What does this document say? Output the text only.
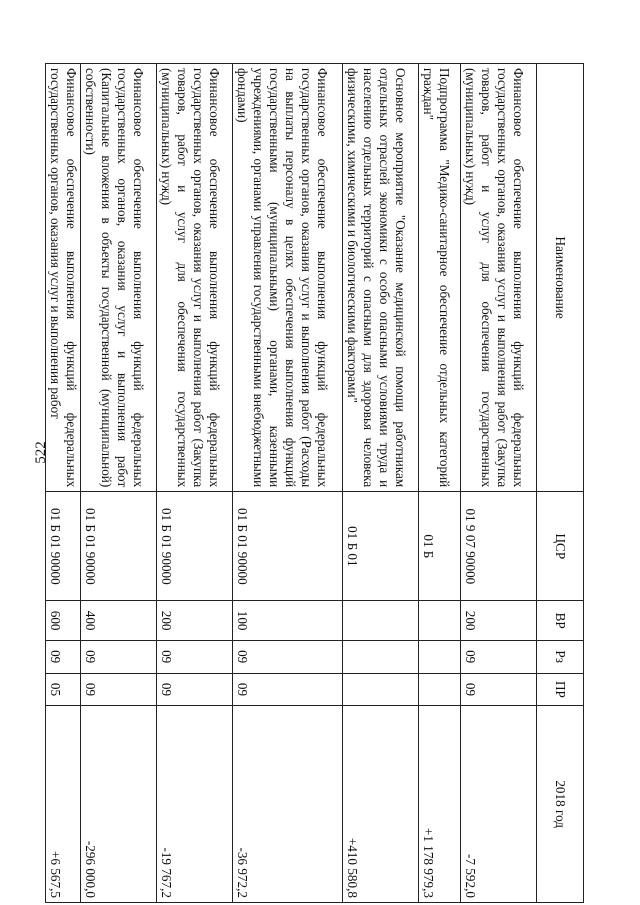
522
Наименование	ЦСР	ВР	Рз	ПР	2018 год
Финансовое обеспечение выполнения функций федеральных государственных органов, оказания услуг и выполнения работ (Закупка товаров, работ и услуг для обеспечения государственных (муниципальных) нужд)	01 9 07 90000	200	09	09	-7 592,0
Подпрограмма "Медико-санитарное обеспечение отдельных категорий граждан"	01 Б				+1 178 979,3
Основное мероприятие "Оказание медицинской помощи работникам отдельных отраслей экономики с особо опасными условиями труда и населению отдельных территорий с опасными для здоровья человека физическими, химическими и биологическими факторами"	01 Б 01				+410 580,8
Финансовое обеспечение выполнения функций федеральных государственных органов, оказания услуг и выполнения работ (Расходы на выплаты персоналу в целях обеспечения выполнения функций государственными (муниципальными) органами, казенными учреждениями, органами управления государственными внебюджетными фондами)	01 Б 01 90000	100	09	09	-36 972,2
Финансовое обеспечение выполнения функций федеральных государственных органов, оказания услуг и выполнения работ (Закупка товаров, работ и услуг для обеспечения государственных (муниципальных) нужд)	01 Б 01 90000	200	09	09	-19 767,2
Финансовое обеспечение выполнения функций федеральных государственных органов, оказания услуг и выполнения работ (Капитальные вложения в объекты государственной (муниципальной) собственности)	01 Б 01 90000	400	09	09	-296 000,0
Финансовое обеспечение выполнения функций федеральных государственных органов, оказания услуг и выполнения работ	01 Б 01 90000	600	09	05	+6 567,5
